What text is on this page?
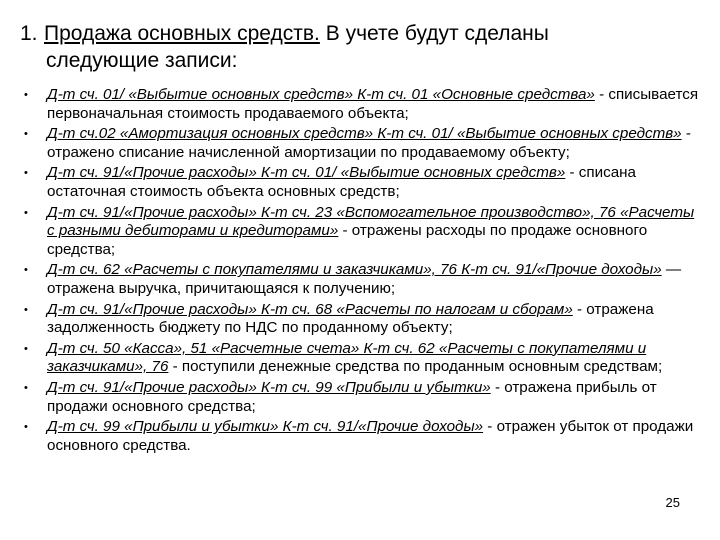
1. Продажа основных средств. В учете будут сделаны
следующие записи:
• Д-т сч. 01/ «Выбытие основных средств» К-т сч. 01 «Основные средства» - списывается первоначальная стоимость продаваемого объекта;
• Д-т сч.02 «Амортизация основных средств» К-т сч. 01/ «Выбытие основных средств» - отражено списание начисленной амортизации по продаваемому объекту;
• Д-т сч. 91/«Прочие расходы» К-т сч. 01/ «Выбытие основных средств» - списана остаточная стоимость объекта основных средств;
• Д-т сч. 91/«Прочие расходы» К-т сч. 23 «Вспомогательное производство», 76 «Расчеты с разными дебиторами и кредиторами» - отражены расходы по продаже основного средства;
• Д-т сч. 62 «Расчеты с покупателями и заказчиками», 76 К-т сч. 91/«Прочие доходы» — отражена выручка, причитающаяся к получению;
• Д-т сч. 91/«Прочие расходы» К-т сч. 68 «Расчеты по налогам и сборам» - отражена задолженность бюджету по НДС по проданному объекту;
• Д-т сч. 50 «Касса», 51 «Расчетные счета» К-т сч. 62 «Расчеты с покупателями и заказчиками», 76 - поступили денежные средства по проданным основным средствам;
• Д-т сч. 91/«Прочие расходы» К-т сч. 99 «Прибыли и убытки» - отражена прибыль от продажи основного средства;
• Д-т сч. 99 «Прибыли и убытки» К-т сч. 91/«Прочие доходы» - отражен убыток от продажи основного средства.
25
